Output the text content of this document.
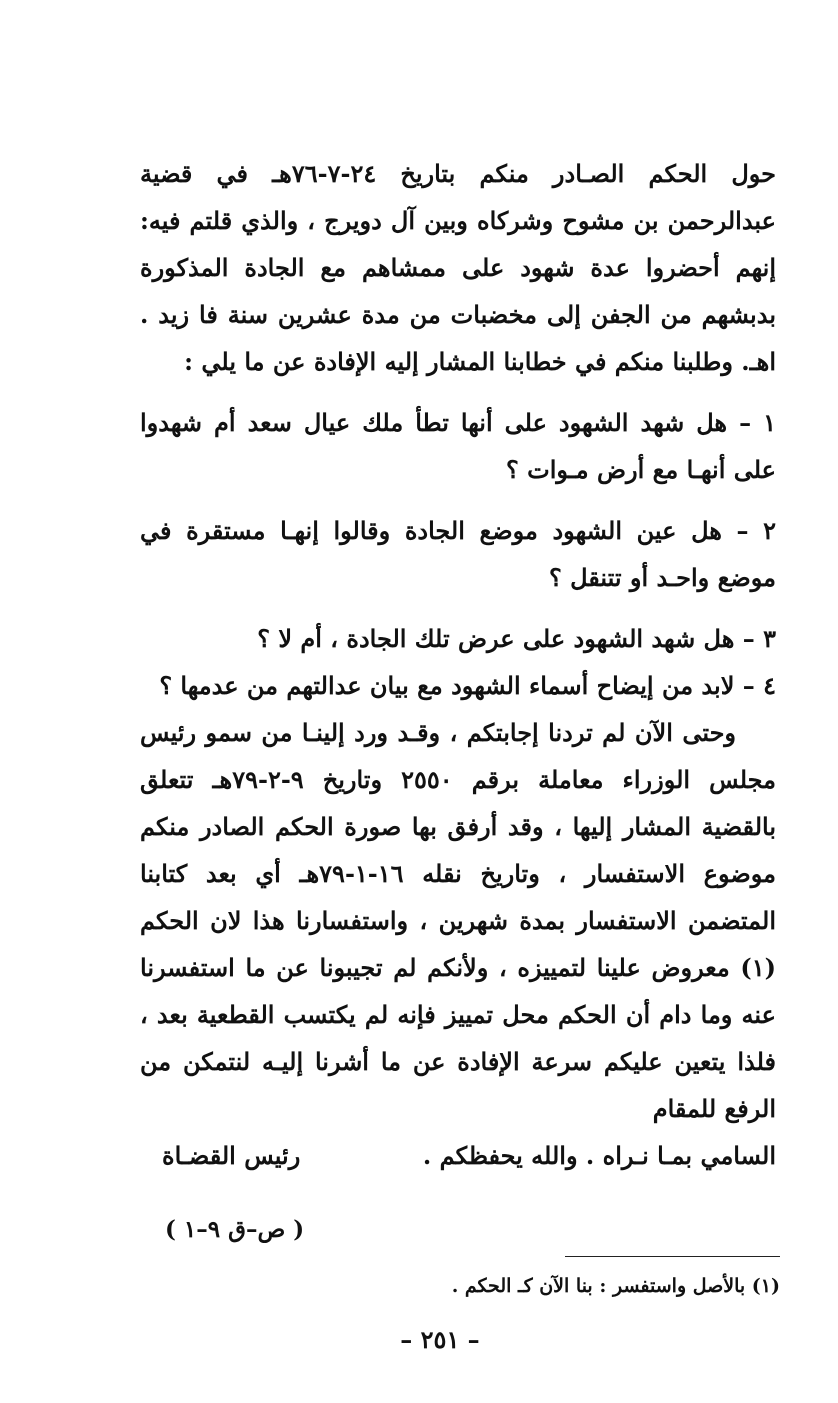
حول الحكم الصـادر منكم بتاريخ ٢٤-٧-٧٦هـ في قضية عبدالرحمن بن مشوح وشركاه وبين آل دويرج ، والذي قلتم فيه: إنهم أحضروا عدة شهود على ممشاهم مع الجادة المذكورة بدبشهم من الجفن إلى مخضبات من مدة عشرين سنة فا زيد . اهـ. وطلبنا منكم في خطابنا المشار إليه الإفادة عن ما يلي :

١ – هل شهد الشهود على أنها تطأ ملك عيال سعد أم شهدوا على أنهـا مع أرض مـوات ؟
٢ – هل عين الشهود موضع الجادة وقالوا إنهـا مستقرة في موضع واحـد أو تتنقل ؟
٣ – هل شهد الشهود على عرض تلك الجادة ، أم لا ؟
٤ – لابد من إيضاح أسماء الشهود مع بيان عدالتهم من عدمها ؟

وحتى الآن لم تردنا إجابتكم ، وقـد ورد إلينـا من سمو رئيس مجلس الوزراء معاملة برقم ٢٥٥٠ وتاريخ ٩-٢-٧٩هـ تتعلق بالقضية المشار إليها ، وقد أرفق بها صورة الحكم الصادر منكم موضوع الاستفسار ، وتاريخ نقله ١٦-١-٧٩هـ أي بعد كتابنا المتضمن الاستفسار بمدة شهرين ، واستفسارنا هذا لان الحكم (١) معروض علينا لتمييزه ، ولأنكم لم تجيبونا عن ما استفسرنا عنه وما دام أن الحكم محل تمييز فإنه لم يكتسب القطعية بعد ، فلذا يتعين عليكم سرعة الإفادة عن ما أشرنا إليـه لنتمكن من الرفع للمقام

السامي بمـا نـراه . والله يحفظكم .
رئيس القضـاة
( ص–ق ٩–١ )
(١) بالأصل واستفسر : بنا الآن كـ الحكم .
– ٢٥١ –
